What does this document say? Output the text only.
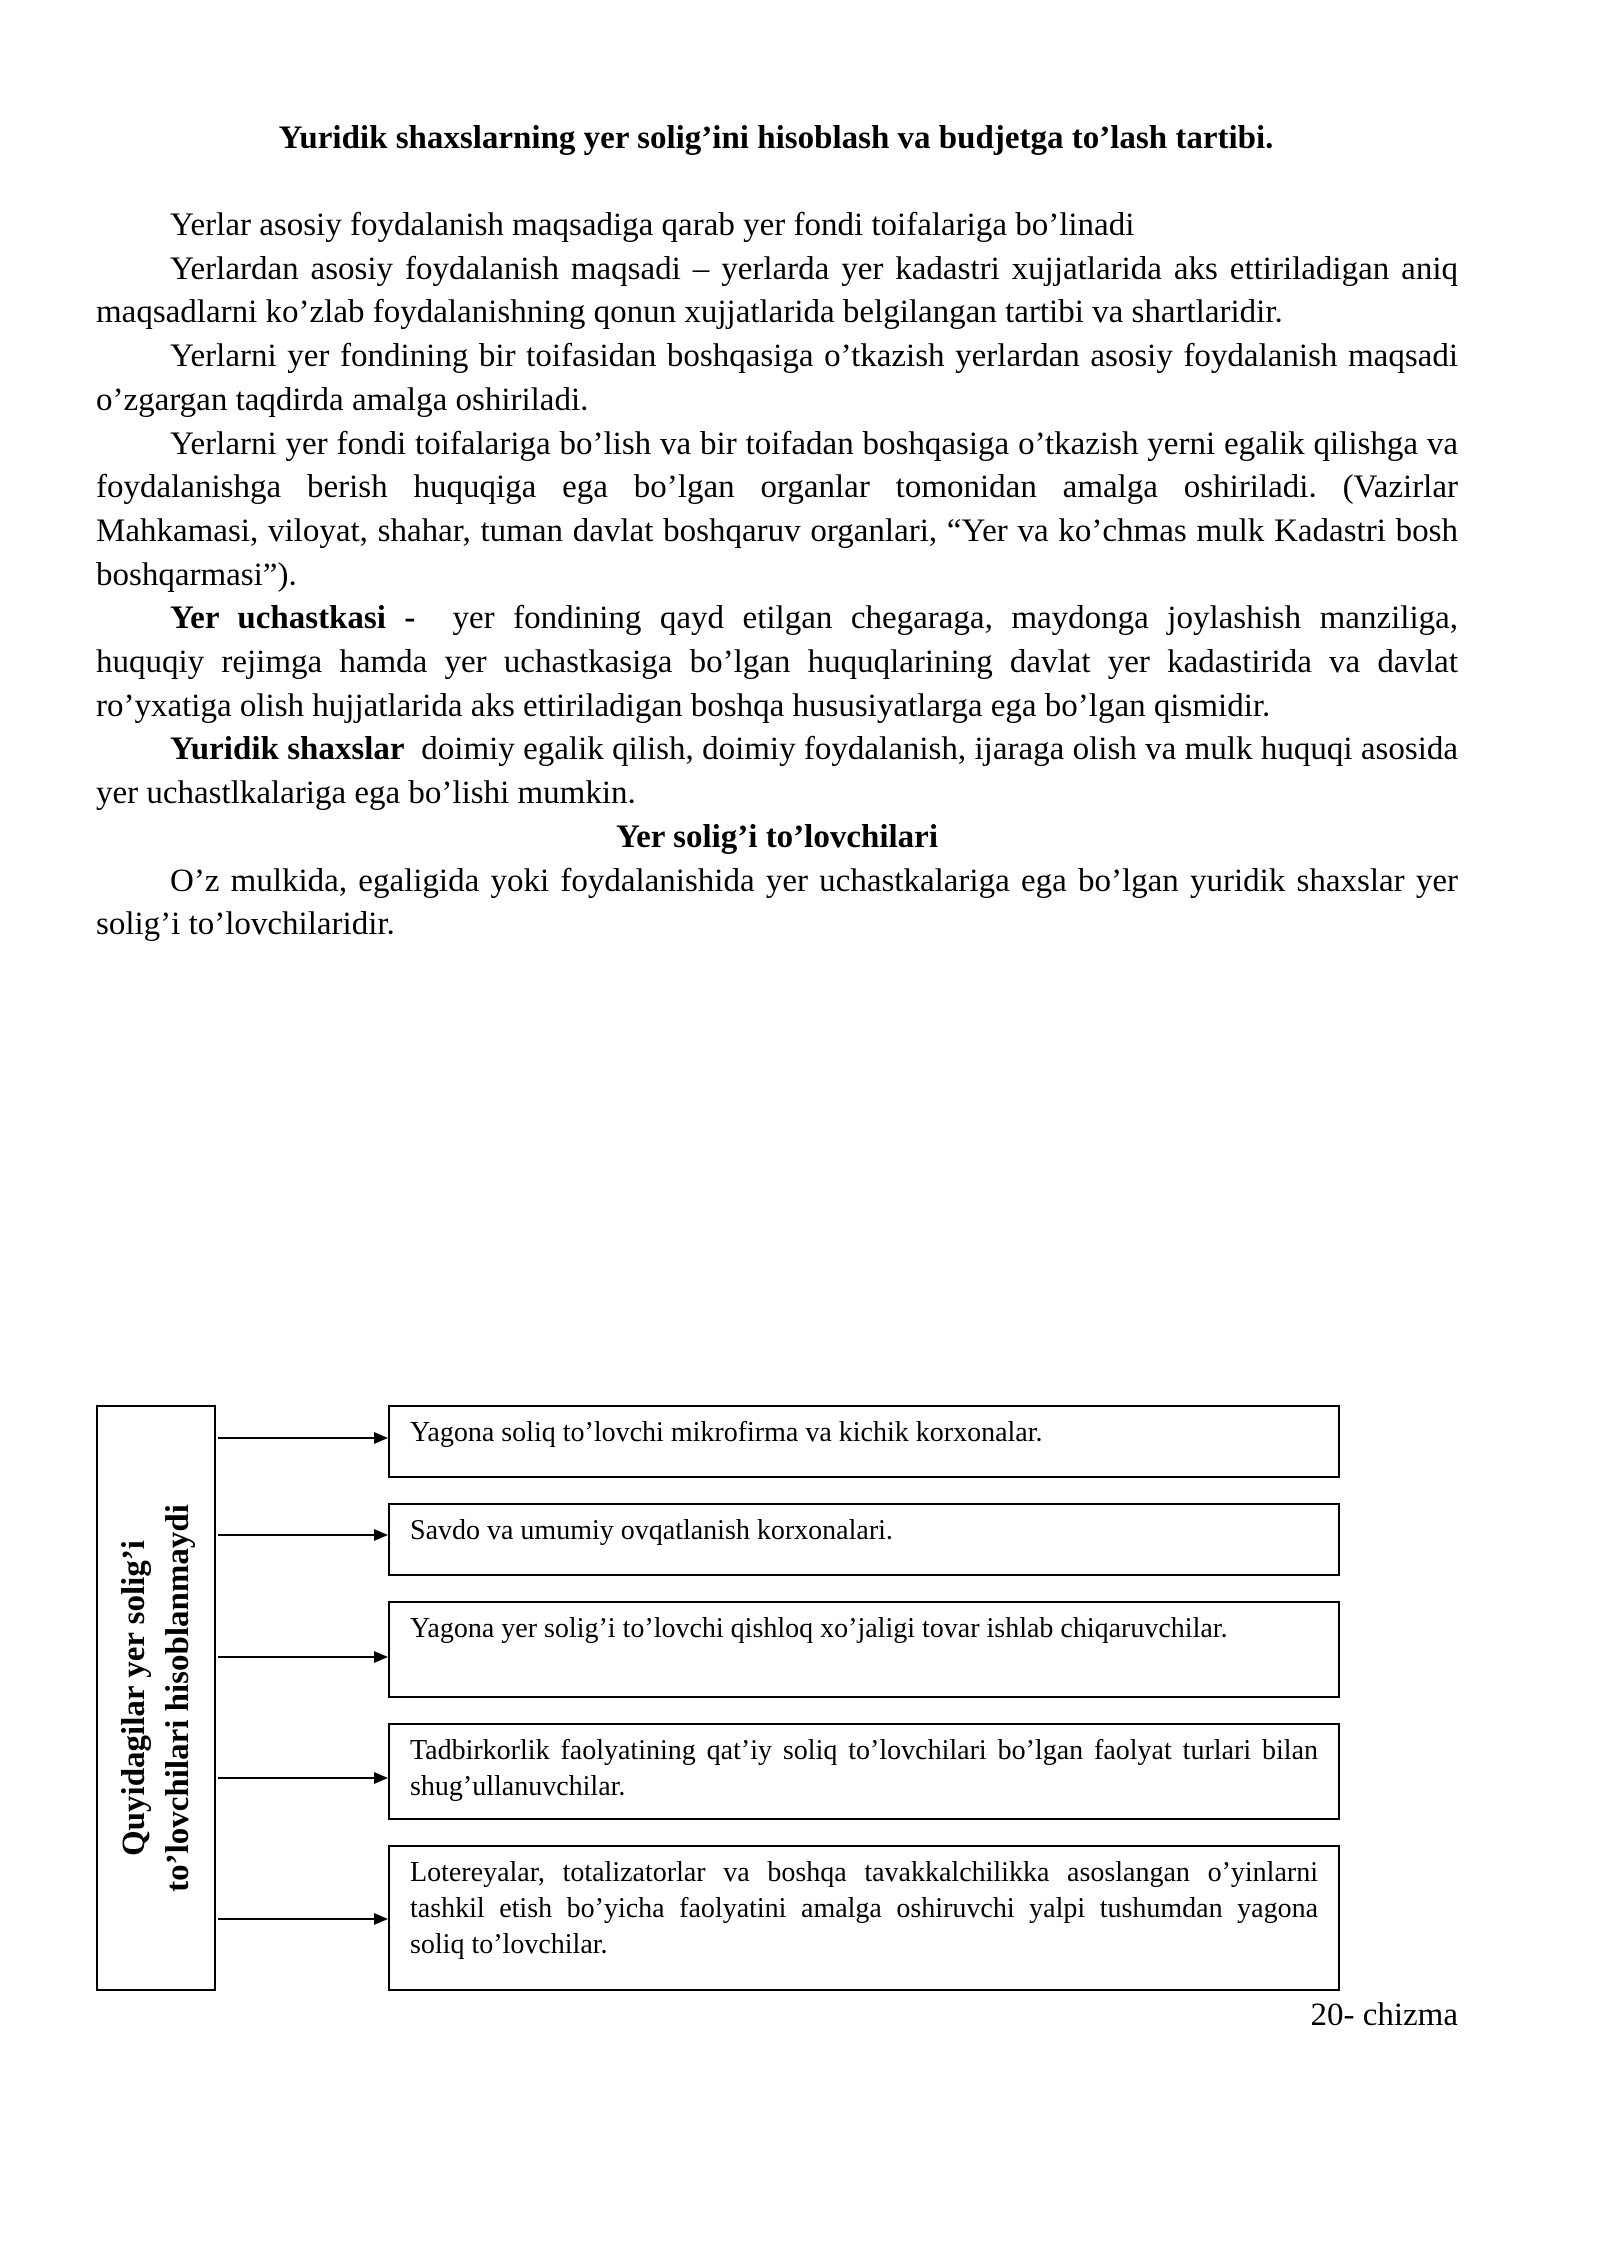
Yuridik shaxslarning yer solig’ini hisoblash va budjetga to’lash tartibi.

Yerlar asosiy foydalanish maqsadiga qarab yer fondi toifalariga bo’linadi

Yerlardan asosiy foydalanish maqsadi – yerlarda yer kadastri xujjatlarida aks ettiriladigan aniq maqsadlarni ko’zlab foydalanishning qonun xujjatlarida belgilangan tartibi va shartlaridir.

Yerlarni yer fondining bir toifasidan boshqasiga o’tkazish yerlardan asosiy foydalanish maqsadi o’zgargan taqdirda amalga oshiriladi.

Yerlarni yer fondi toifalariga bo’lish va bir toifadan boshqasiga o’tkazish yerni egalik qilishga va foydalanishga berish huquqiga ega bo’lgan organlar tomonidan amalga oshiriladi. (Vazirlar Mahkamasi, viloyat, shahar, tuman davlat boshqaruv organlari, “Yer va ko’chmas mulk Kadastri bosh boshqarmasi”).

Yer uchastkasi - yer fondining qayd etilgan chegaraga, maydonga joylashish manziliga, huquqiy rejimga hamda yer uchastkasiga bo’lgan huquqlarining davlat yer kadastirida va davlat ro’yxatiga olish hujjatlarida aks ettiriladigan boshqa hususiyatlarga ega bo’lgan qismidir.

Yuridik shaxslar doimiy egalik qilish, doimiy foydalanish, ijaraga olish va mulk huquqi asosida yer uchastlkalariga ega bo’lishi mumkin.

Yer solig’i to’lovchilari

O’z mulkida, egaligida yoki foydalanishida yer uchastkalariga ega bo’lgan yuridik shaxslar yer solig’i to’lovchilaridir.

Quyidagilar yer solig’i to’lovchilari hisoblanmaydi
Yagona soliq to’lovchi mikrofirma va kichik korxonalar.
Savdo va umumiy ovqatlanish korxonalari.
Yagona yer solig’i to’lovchi qishloq xo’jaligi tovar ishlab chiqaruvchilar.
Tadbirkorlik faolyatining qat’iy soliq to’lovchilari bo’lgan faolyat turlari bilan shug’ullanuvchilar.
Lotereyalar, totalizatorlar va boshqa tavakkalchilikka asoslangan o’yinlarni tashkil etish bo’yicha faolyatini amalga oshiruvchi yalpi tushumdan yagona soliq to’lovchilar.
20- chizma
